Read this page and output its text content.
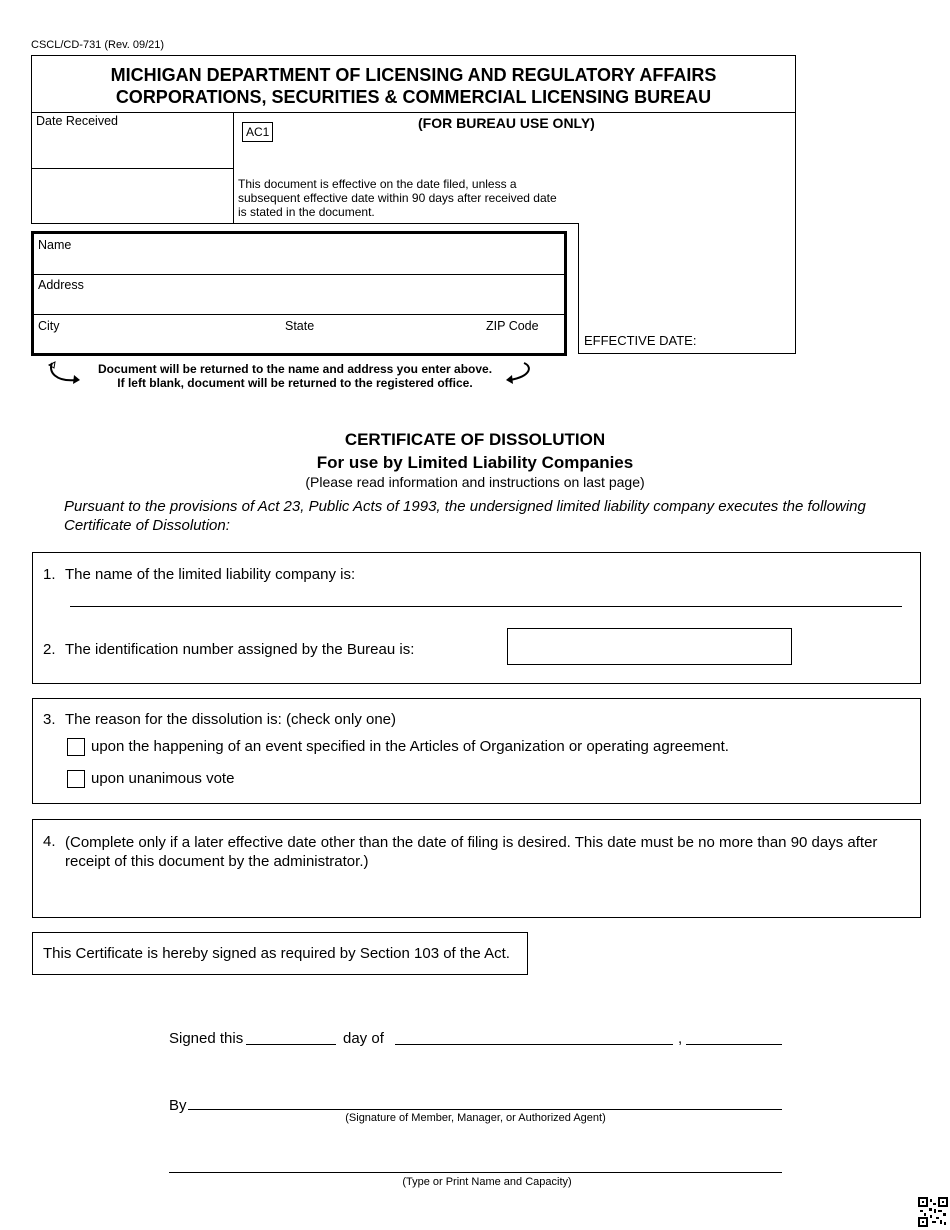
CSCL/CD-731 (Rev. 09/21)
MICHIGAN DEPARTMENT OF LICENSING AND REGULATORY AFFAIRS
CORPORATIONS, SECURITIES & COMMERCIAL LICENSING BUREAU
Date Received	(FOR BUREAU USE ONLY)
AC1
This document is effective on the date filed, unless a subsequent effective date within 90 days after received date is stated in the document.
EFFECTIVE DATE:
Name
Address
City	State	ZIP Code
Document will be returned to the name and address you enter above.
If left blank, document will be returned to the registered office.
CERTIFICATE OF DISSOLUTION
For use by Limited Liability Companies
(Please read information and instructions on last page)
Pursuant to the provisions of Act 23, Public Acts of 1993, the undersigned limited liability company executes the following Certificate of Dissolution:
1. The name of the limited liability company is:
2. The identification number assigned by the Bureau is:
3. The reason for the dissolution is: (check only one)
upon the happening of an event specified in the Articles of Organization or operating agreement.
upon unanimous vote
4. (Complete only if a later effective date other than the date of filing is desired. This date must be no more than 90 days after receipt of this document by the administrator.)
This Certificate is hereby signed as required by Section 103 of the Act.
Signed this	day of	,
By
(Signature of Member, Manager, or Authorized Agent)
(Type or Print Name and Capacity)
